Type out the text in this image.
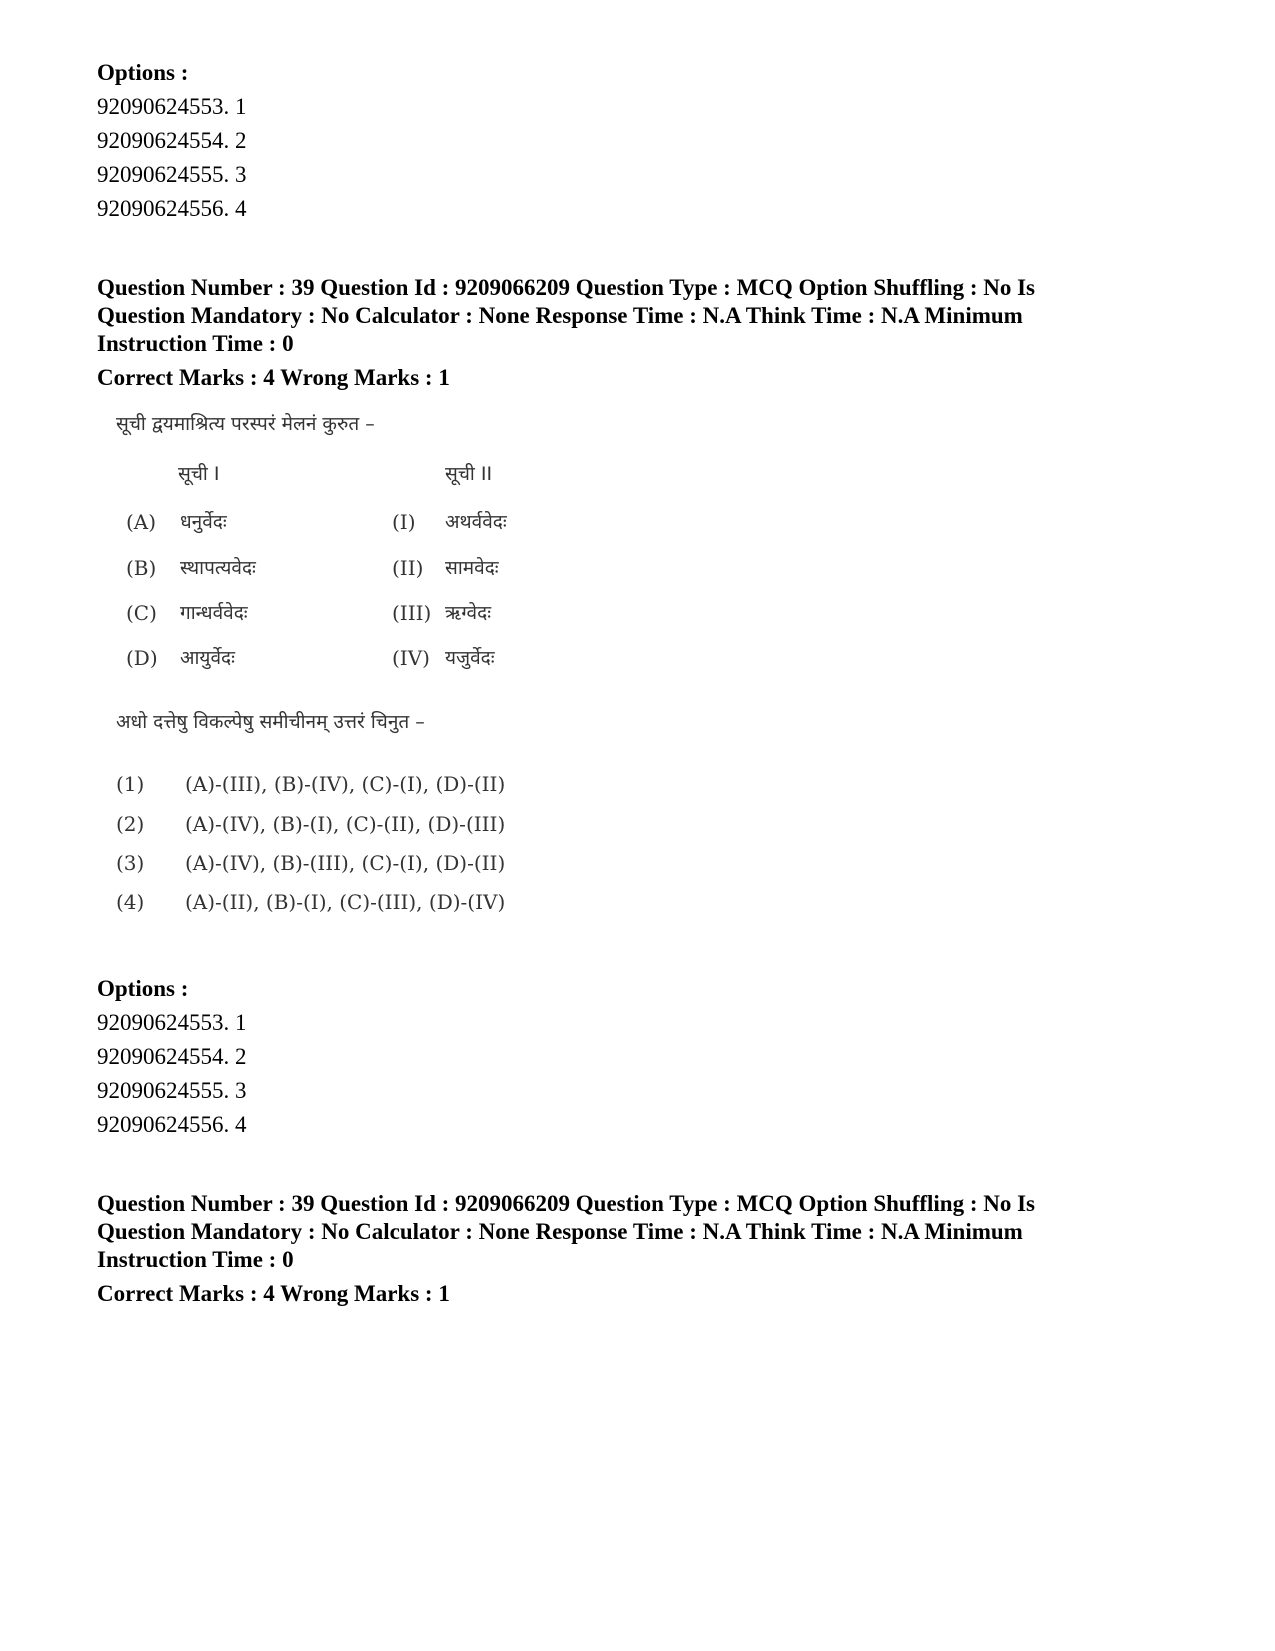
Options :
92090624553. 1
92090624554. 2
92090624555. 3
92090624556. 4
Question Number : 39 Question Id : 9209066209 Question Type : MCQ Option Shuffling : No Is
Question Mandatory : No Calculator : None Response Time : N.A Think Time : N.A Minimum
Instruction Time : 0
Correct Marks : 4 Wrong Marks : 1
सूची द्वयमाश्रित्य परस्परं मेलनं कुरुत –
सूची I	सूची II
(A) धनुर्वेदः	(I) अथर्ववेदः
(B) स्थापत्यवेदः	(II) सामवेदः
(C) गान्धर्ववेदः	(III) ऋग्वेदः
(D) आयुर्वेदः	(IV) यजुर्वेदः
अधो दत्तेषु विकल्पेषु समीचीनम् उत्तरं चिनुत –
(1) (A)-(III), (B)-(IV), (C)-(I), (D)-(II)
(2) (A)-(IV), (B)-(I), (C)-(II), (D)-(III)
(3) (A)-(IV), (B)-(III), (C)-(I), (D)-(II)
(4) (A)-(II), (B)-(I), (C)-(III), (D)-(IV)
Options :
92090624553. 1
92090624554. 2
92090624555. 3
92090624556. 4
Question Number : 39 Question Id : 9209066209 Question Type : MCQ Option Shuffling : No Is
Question Mandatory : No Calculator : None Response Time : N.A Think Time : N.A Minimum
Instruction Time : 0
Correct Marks : 4 Wrong Marks : 1
